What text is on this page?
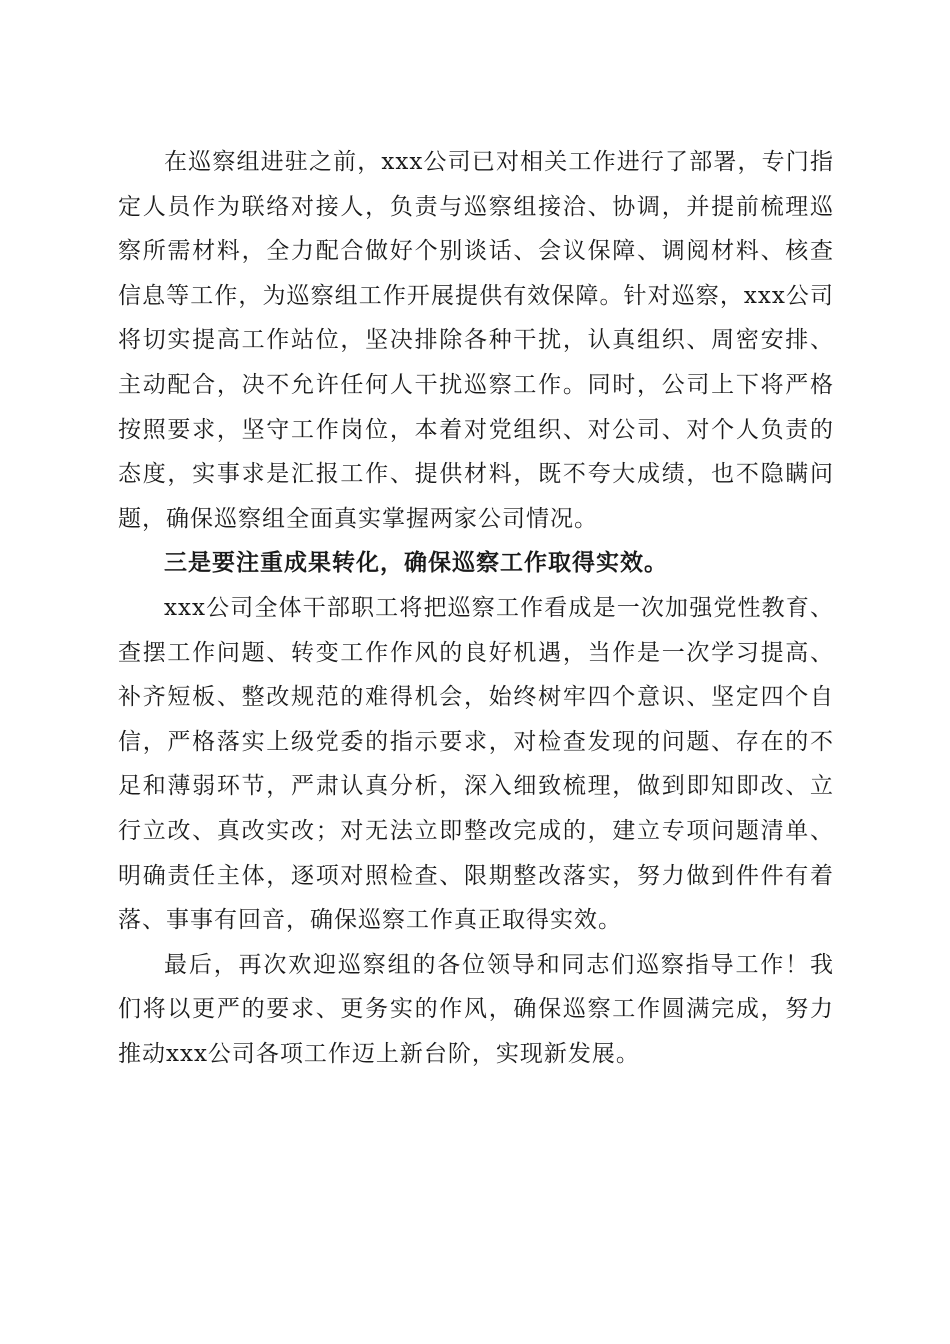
在巡察组进驻之前，xxx公司已对相关工作进行了部署，专门指定人员作为联络对接人，负责与巡察组接洽、协调，并提前梳理巡察所需材料，全力配合做好个别谈话、会议保障、调阅材料、核查信息等工作，为巡察组工作开展提供有效保障。针对巡察，xxx公司将切实提高工作站位，坚决排除各种干扰，认真组织、周密安排、主动配合，决不允许任何人干扰巡察工作。同时，公司上下将严格按照要求，坚守工作岗位，本着对党组织、对公司、对个人负责的态度，实事求是汇报工作、提供材料，既不夸大成绩，也不隐瞒问题，确保巡察组全面真实掌握两家公司情况。

三是要注重成果转化，确保巡察工作取得实效。

xxx公司全体干部职工将把巡察工作看成是一次加强党性教育、查摆工作问题、转变工作作风的良好机遇，当作是一次学习提高、补齐短板、整改规范的难得机会，始终树牢四个意识、坚定四个自信，严格落实上级党委的指示要求，对检查发现的问题、存在的不足和薄弱环节，严肃认真分析，深入细致梳理，做到即知即改、立行立改、真改实改；对无法立即整改完成的，建立专项问题清单、明确责任主体，逐项对照检查、限期整改落实，努力做到件件有着落、事事有回音，确保巡察工作真正取得实效。

最后，再次欢迎巡察组的各位领导和同志们巡察指导工作！我们将以更严的要求、更务实的作风，确保巡察工作圆满完成，努力推动xxx公司各项工作迈上新台阶，实现新发展。
